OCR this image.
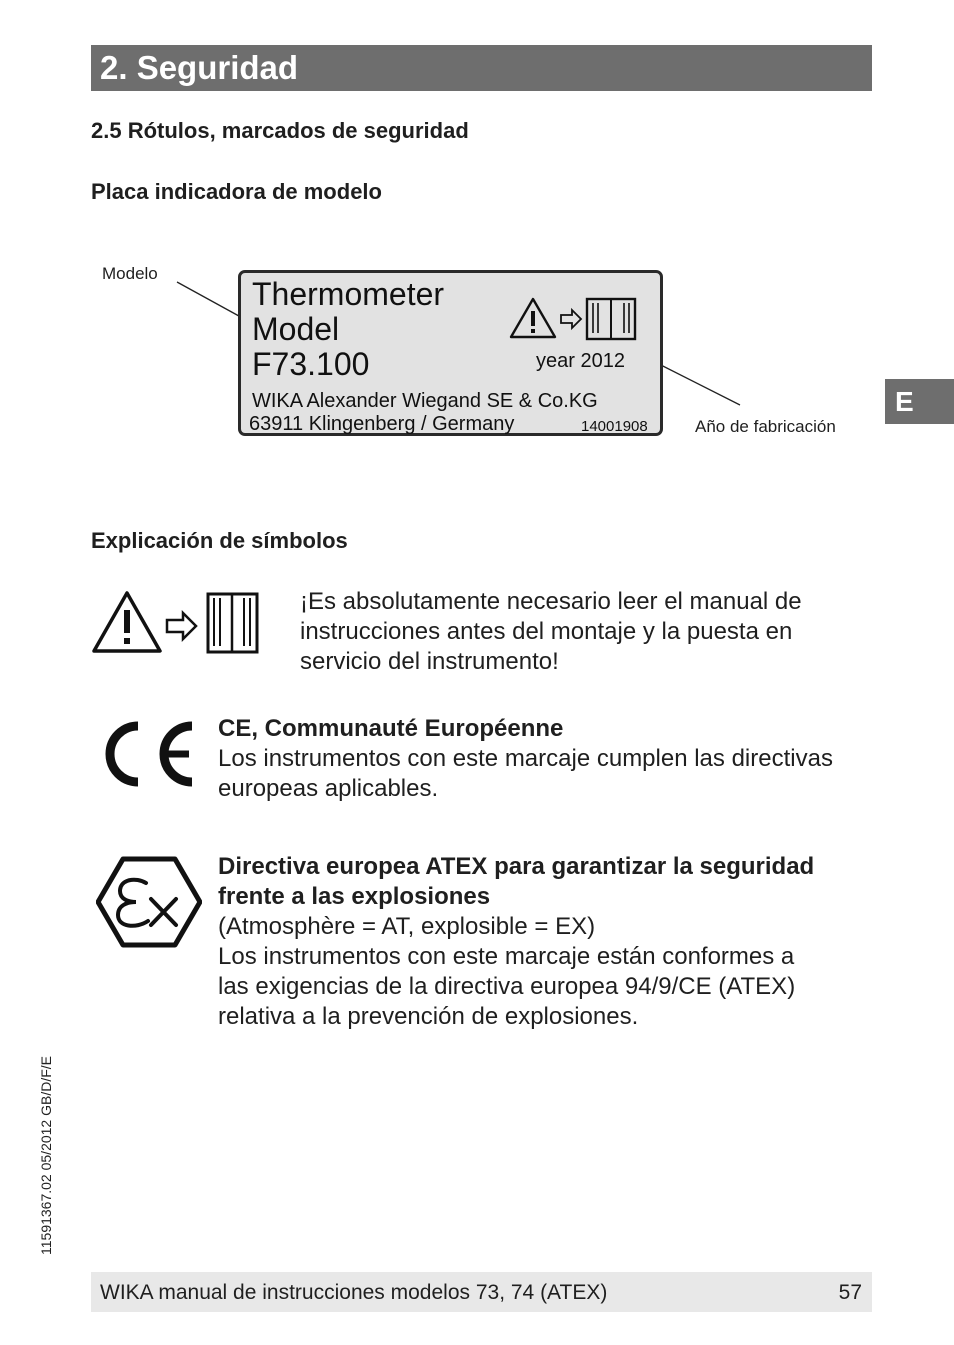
2. Seguridad
2.5 Rótulos, marcados de seguridad
Placa indicadora de modelo
Modelo
Año de fabricación
Thermometer
Model
F73.100	year 2012
WIKA Alexander Wiegand SE & Co.KG
63911 Klingenberg / Germany	14001908
E
Explicación de símbolos
¡Es absolutamente necesario leer el manual de
instrucciones antes del montaje y la puesta en
servicio del instrumento!
CE, Communauté Européenne
Los instrumentos con este marcaje cumplen las directivas
europeas aplicables.
Directiva europea ATEX para garantizar la seguridad
frente a las explosiones
(Atmosphère = AT, explosible = EX)
Los instrumentos con este marcaje están conformes a
las exigencias de la directiva europea 94/9/CE (ATEX)
relativa a la prevención de explosiones.
11591367.02 05/2012 GB/D/F/E
WIKA manual de instrucciones modelos 73, 74 (ATEX)	57
